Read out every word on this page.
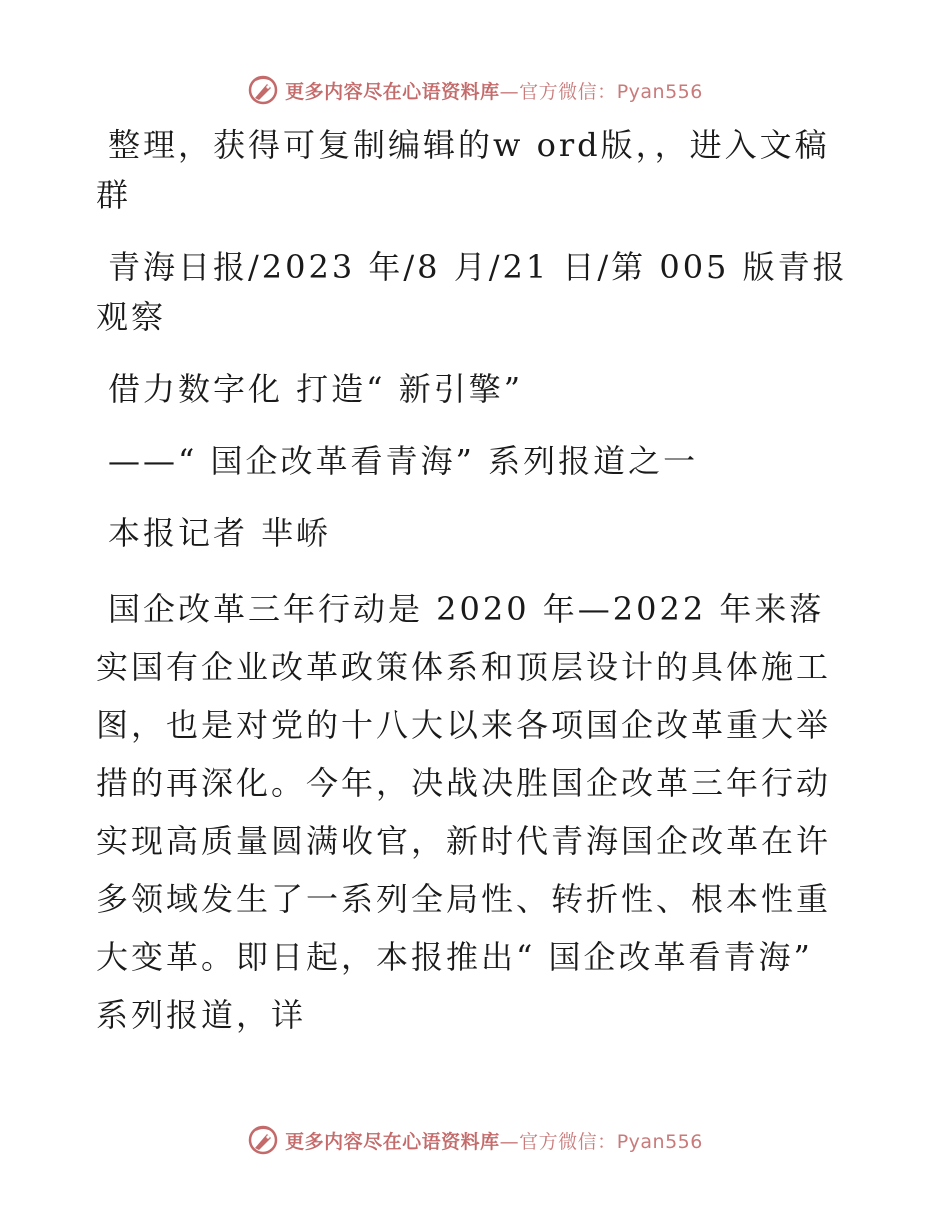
更多内容尽在心语资料库—官方微信：Pyan556

整理，获得可复制编辑的w ord版，，进入文稿群

青海日报/2023 年/8 月/21 日/第 005 版青报观察

借力数字化 打造“ 新引擎”

——“ 国企改革看青海” 系列报道之一

本报记者 芈峤

国企改革三年行动是 2020 年—2022 年来落实国有企业改革政策体系和顶层设计的具体施工图，也是对党的十八大以来各项国企改革重大举措的再深化。今年，决战决胜国企改革三年行动实现高质量圆满收官，新时代青海国企改革在许多领域发生了一系列全局性、转折性、根本性重大变革。即日起，本报推出“ 国企改革看青海” 系列报道，详

更多内容尽在心语资料库—官方微信：Pyan556
